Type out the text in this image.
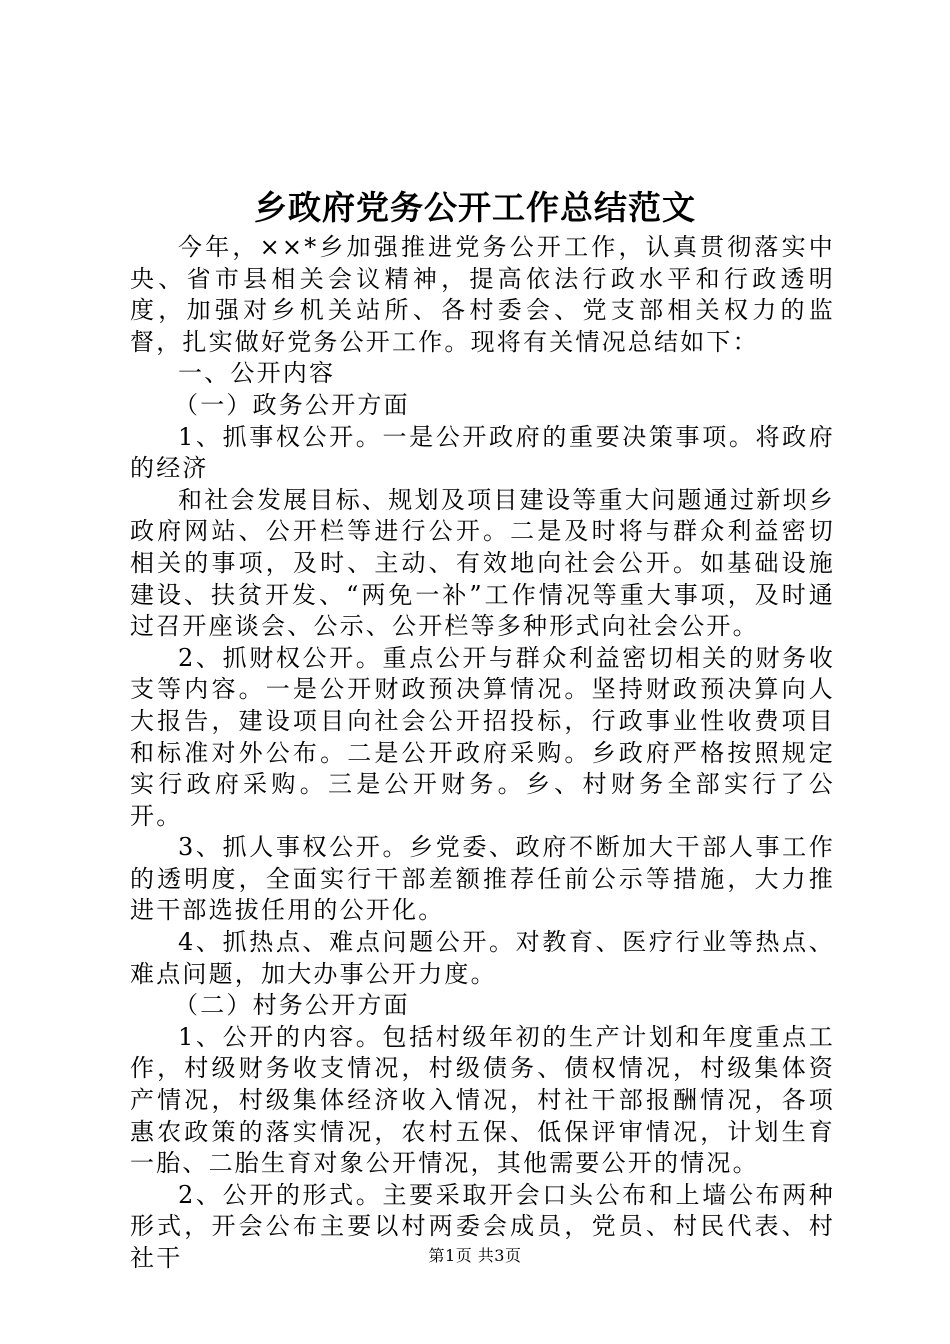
乡政府党务公开工作总结范文

今年，××*乡加强推进党务公开工作，认真贯彻落实中央、省市县相关会议精神，提高依法行政水平和行政透明度，加强对乡机关站所、各村委会、党支部相关权力的监督，扎实做好党务公开工作。现将有关情况总结如下：

一、公开内容

（一）政务公开方面

1、抓事权公开。一是公开政府的重要决策事项。将政府的经济

和社会发展目标、规划及项目建设等重大问题通过新坝乡政府网站、公开栏等进行公开。二是及时将与群众利益密切相关的事项，及时、主动、有效地向社会公开。如基础设施建设、扶贫开发、“两免一补”工作情况等重大事项，及时通过召开座谈会、公示、公开栏等多种形式向社会公开。

2、抓财权公开。重点公开与群众利益密切相关的财务收支等内容。一是公开财政预决算情况。坚持财政预决算向人大报告，建设项目向社会公开招投标，行政事业性收费项目和标准对外公布。二是公开政府采购。乡政府严格按照规定实行政府采购。三是公开财务。乡、村财务全部实行了公开。

3、抓人事权公开。乡党委、政府不断加大干部人事工作的透明度，全面实行干部差额推荐任前公示等措施，大力推进干部选拔任用的公开化。

4、抓热点、难点问题公开。对教育、医疗行业等热点、难点问题，加大办事公开力度。

（二）村务公开方面

1、公开的内容。包括村级年初的生产计划和年度重点工作，村级财务收支情况，村级债务、债权情况，村级集体资产情况，村级集体经济收入情况，村社干部报酬情况，各项惠农政策的落实情况，农村五保、低保评审情况，计划生育一胎、二胎生育对象公开情况，其他需要公开的情况。

2、公开的形式。主要采取开会口头公布和上墙公布两种形式，开会公布主要以村两委会成员，党员、村民代表、村社干	第1页 共3页
